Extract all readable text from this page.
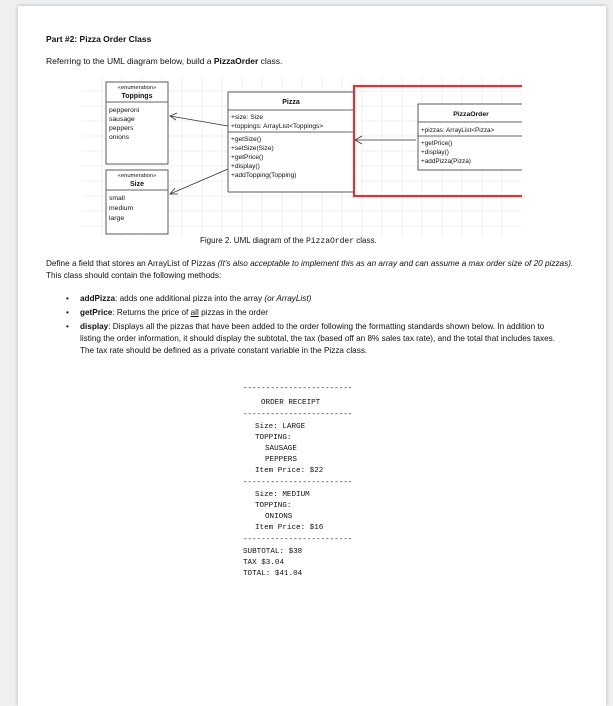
Part #2: Pizza Order Class
Referring to the UML diagram below, build a PizzaOrder class.
«enumeration»
Toppings
pepperoni
sausage
peppers
onions
«enumeration»
Size
small
medium
large
Pizza
+size: Size
+toppings: ArrayList<Toppings>
+getSize()
+setSize(Size)
+getPrice()
+display()
+addTopping(Topping)
PizzaOrder
+pizzas: ArrayList<Pizza>
+getPrice()
+display()
+addPizza(Pizza)
Figure 2. UML diagram of the PizzaOrder class.
Define a field that stores an ArrayList of Pizzas (It's also acceptable to implement this as an array and can assume a max order size of 20 pizzas). This class should contain the following methods:
• addPizza: adds one additional pizza into the array (or ArrayList)
• getPrice: Returns the price of all pizzas in the order
• display: Displays all the pizzas that have been added to the order following the formatting standards shown below. In addition to listing the order information, it should display the subtotal, the tax (based off an 8% sales tax rate), and the total that includes taxes. The tax rate should be defined as a private constant variable in the Pizza class.

------------------------

ORDER RECEIPT

------------------------

Size: LARGE

TOPPING:

SAUSAGE

PEPPERS

Item Price: $22

------------------------

Size: MEDIUM

TOPPING:

ONIONS

Item Price: $16

------------------------

SUBTOTAL: $38

TAX $3.04

TOTAL: $41.04
